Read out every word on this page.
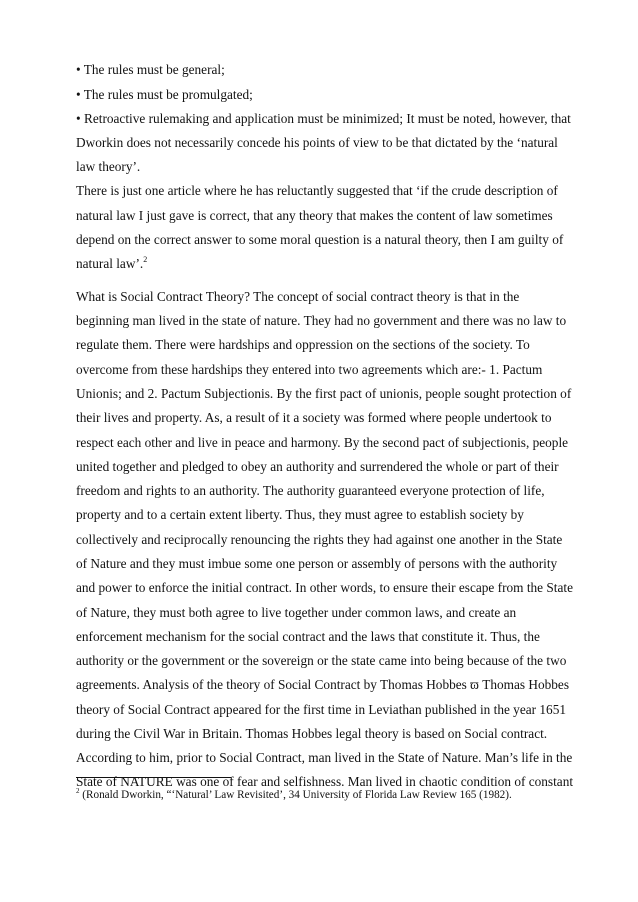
• The rules must be general;
• The rules must be promulgated;
• Retroactive rulemaking and application must be minimized; It must be noted, however, that
Dworkin does not necessarily concede his points of view to be that dictated by the ‘natural
law theory’.
There is just one article where he has reluctantly suggested that ‘if the crude description of
natural law I just gave is correct, that any theory that makes the content of law sometimes
depend on the correct answer to some moral question is a natural theory, then I am guilty of
natural law’.$^2$
What is Social Contract Theory? The concept of social contract theory is that in the
beginning man lived in the state of nature. They had no government and there was no law to
regulate them. There were hardships and oppression on the sections of the society. To
overcome from these hardships they entered into two agreements which are:- 1. Pactum
Unionis; and 2. Pactum Subjectionis. By the first pact of unionis, people sought protection of
their lives and property. As, a result of it a society was formed where people undertook to
respect each other and live in peace and harmony. By the second pact of subjectionis, people
united together and pledged to obey an authority and surrendered the whole or part of their
freedom and rights to an authority. The authority guaranteed everyone protection of life,
property and to a certain extent liberty. Thus, they must agree to establish society by
collectively and reciprocally renouncing the rights they had against one another in the State
of Nature and they must imbue some one person or assembly of persons with the authority
and power to enforce the initial contract. In other words, to ensure their escape from the State
of Nature, they must both agree to live together under common laws, and create an
enforcement mechanism for the social contract and the laws that constitute it. Thus, the
authority or the government or the sovereign or the state came into being because of the two
agreements. Analysis of the theory of Social Contract by Thomas Hobbes ϖ Thomas Hobbes
theory of Social Contract appeared for the first time in Leviathan published in the year 1651
during the Civil War in Britain. Thomas Hobbes legal theory is based on Social contract.
According to him, prior to Social Contract, man lived in the State of Nature. Man’s life in the
State of NATURE was one of fear and selfishness. Man lived in chaotic condition of constant
$^2$ (Ronald Dworkin, “‘Natural’ Law Revisited’, 34 University of Florida Law Review 165 (1982).
